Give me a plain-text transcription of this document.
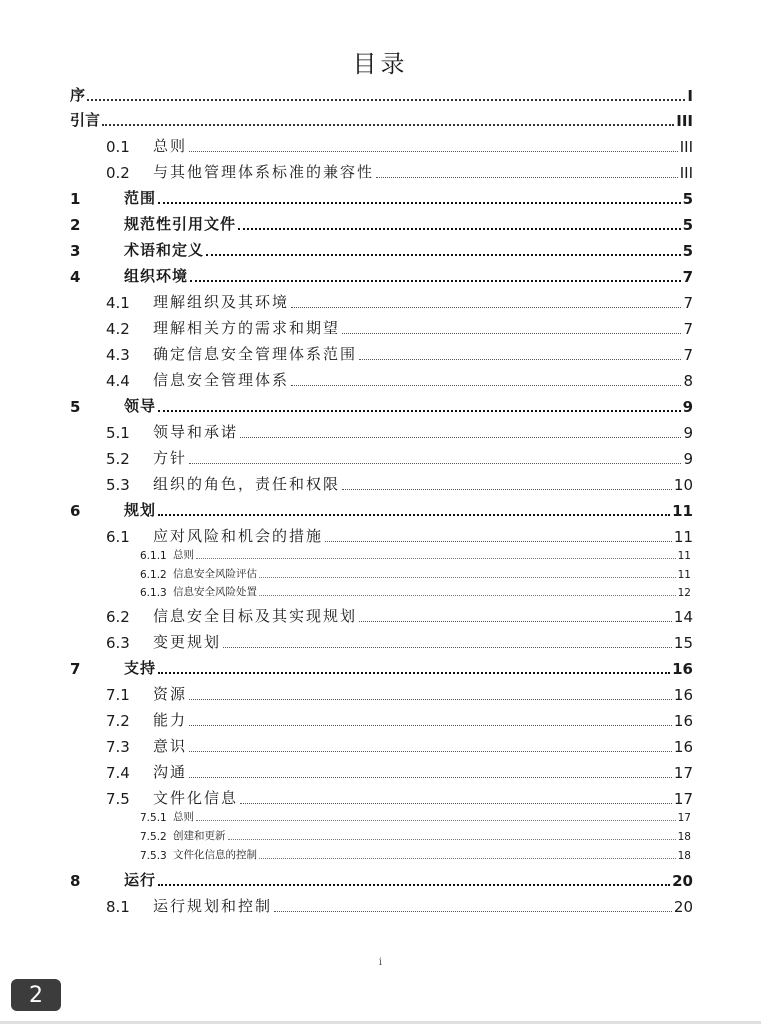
目录
序	I
引言	III
0.1	总则	III
0.2	与其他管理体系标准的兼容性	III
1	范围	5
2	规范性引用文件	5
3	术语和定义	5
4	组织环境	7
4.1	理解组织及其环境	7
4.2	理解相关方的需求和期望	7
4.3	确定信息安全管理体系范围	7
4.4	信息安全管理体系	8
5	领导	9
5.1	领导和承诺	9
5.2	方针	9
5.3	组织的角色，责任和权限	10
6	规划	11
6.1	应对风险和机会的措施	11
6.1.1 总则	11
6.1.2 信息安全风险评估	11
6.1.3 信息安全风险处置	12
6.2	信息安全目标及其实现规划	14
6.3	变更规划	15
7	支持	16
7.1	资源	16
7.2	能力	16
7.3	意识	16
7.4	沟通	17
7.5	文件化信息	17
7.5.1 总则	17
7.5.2 创建和更新	18
7.5.3 文件化信息的控制	18
8	运行	20
8.1	运行规划和控制	20
i
2
